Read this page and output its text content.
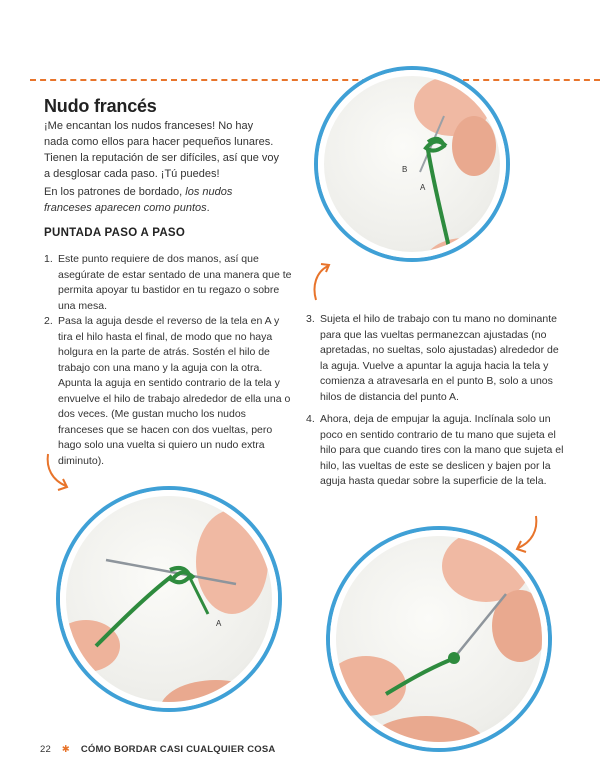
Nudo francés

¡Me encantan los nudos franceses! No hay nada como ellos para hacer pequeños lunares. Tienen la reputación de ser difíciles, así que voy a desglosar cada paso. ¡Tú puedes!

En los patrones de bordado, los nudos franceses aparecen como puntos.

PUNTADA PASO A PASO
1. Este punto requiere de dos manos, así que asegúrate de estar sentado de una manera que te permita apoyar tu bastidor en tu regazo o sobre una mesa.
2. Pasa la aguja desde el reverso de la tela en A y tira el hilo hasta el final, de modo que no haya holgura en la parte de atrás. Sostén el hilo de trabajo con una mano y la aguja con la otra. Apunta la aguja en sentido contrario de la tela y envuelve el hilo de trabajo alrededor de ella una o dos veces. (Me gustan mucho los nudos franceses que se hacen con dos vueltas, pero hago solo una vuelta si quiero un nudo extra diminuto).
3. Sujeta el hilo de trabajo con tu mano no dominante para que las vueltas permanezcan ajustadas (no apretadas, no sueltas, solo ajustadas) alrededor de la aguja. Vuelve a apuntar la aguja hacia la tela y comienza a atravesarla en el punto B, solo a unos hilos de distancia del punto A.
4. Ahora, deja de empujar la aguja. Inclínala solo un poco en sentido contrario de tu mano que sujeta el hilo para que cuando tires con la mano que sujeta el hilo, las vueltas de este se deslicen y bajen por la aguja hasta quedar sobre la superficie de la tela.
B
A
A
22 ✱ CÓMO BORDAR CASI CUALQUIER COSA
